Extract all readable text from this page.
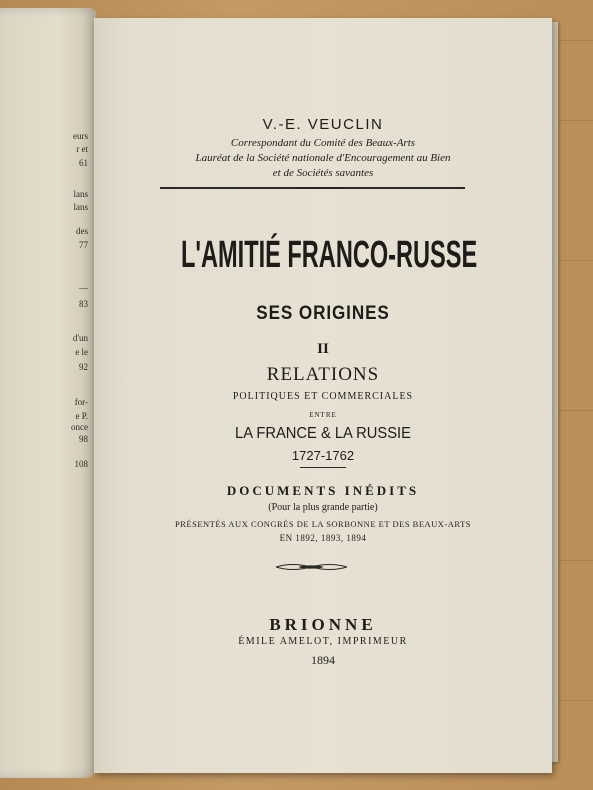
eurs
r et
61
lans
lans
des
77
—
83
d'un
e le
92
for-
e P.
once
98
108
V.-E. VEUCLIN
Correspondant du Comité des Beaux-Arts
Lauréat de la Société nationale d'Encouragement au Bien
et de Sociétés savantes
L'AMITIÉ FRANCO-RUSSE
SES ORIGINES
II
RELATIONS
POLITIQUES ET COMMERCIALES
ENTRE
LA FRANCE & LA RUSSIE
1727-1762
DOCUMENTS INÉDITS
(Pour la plus grande partie)
PRÉSENTÉS AUX CONGRÈS DE LA SORBONNE ET DES BEAUX-ARTS
EN 1892, 1893, 1894
BRIONNE
ÉMILE AMELOT, IMPRIMEUR
1894
